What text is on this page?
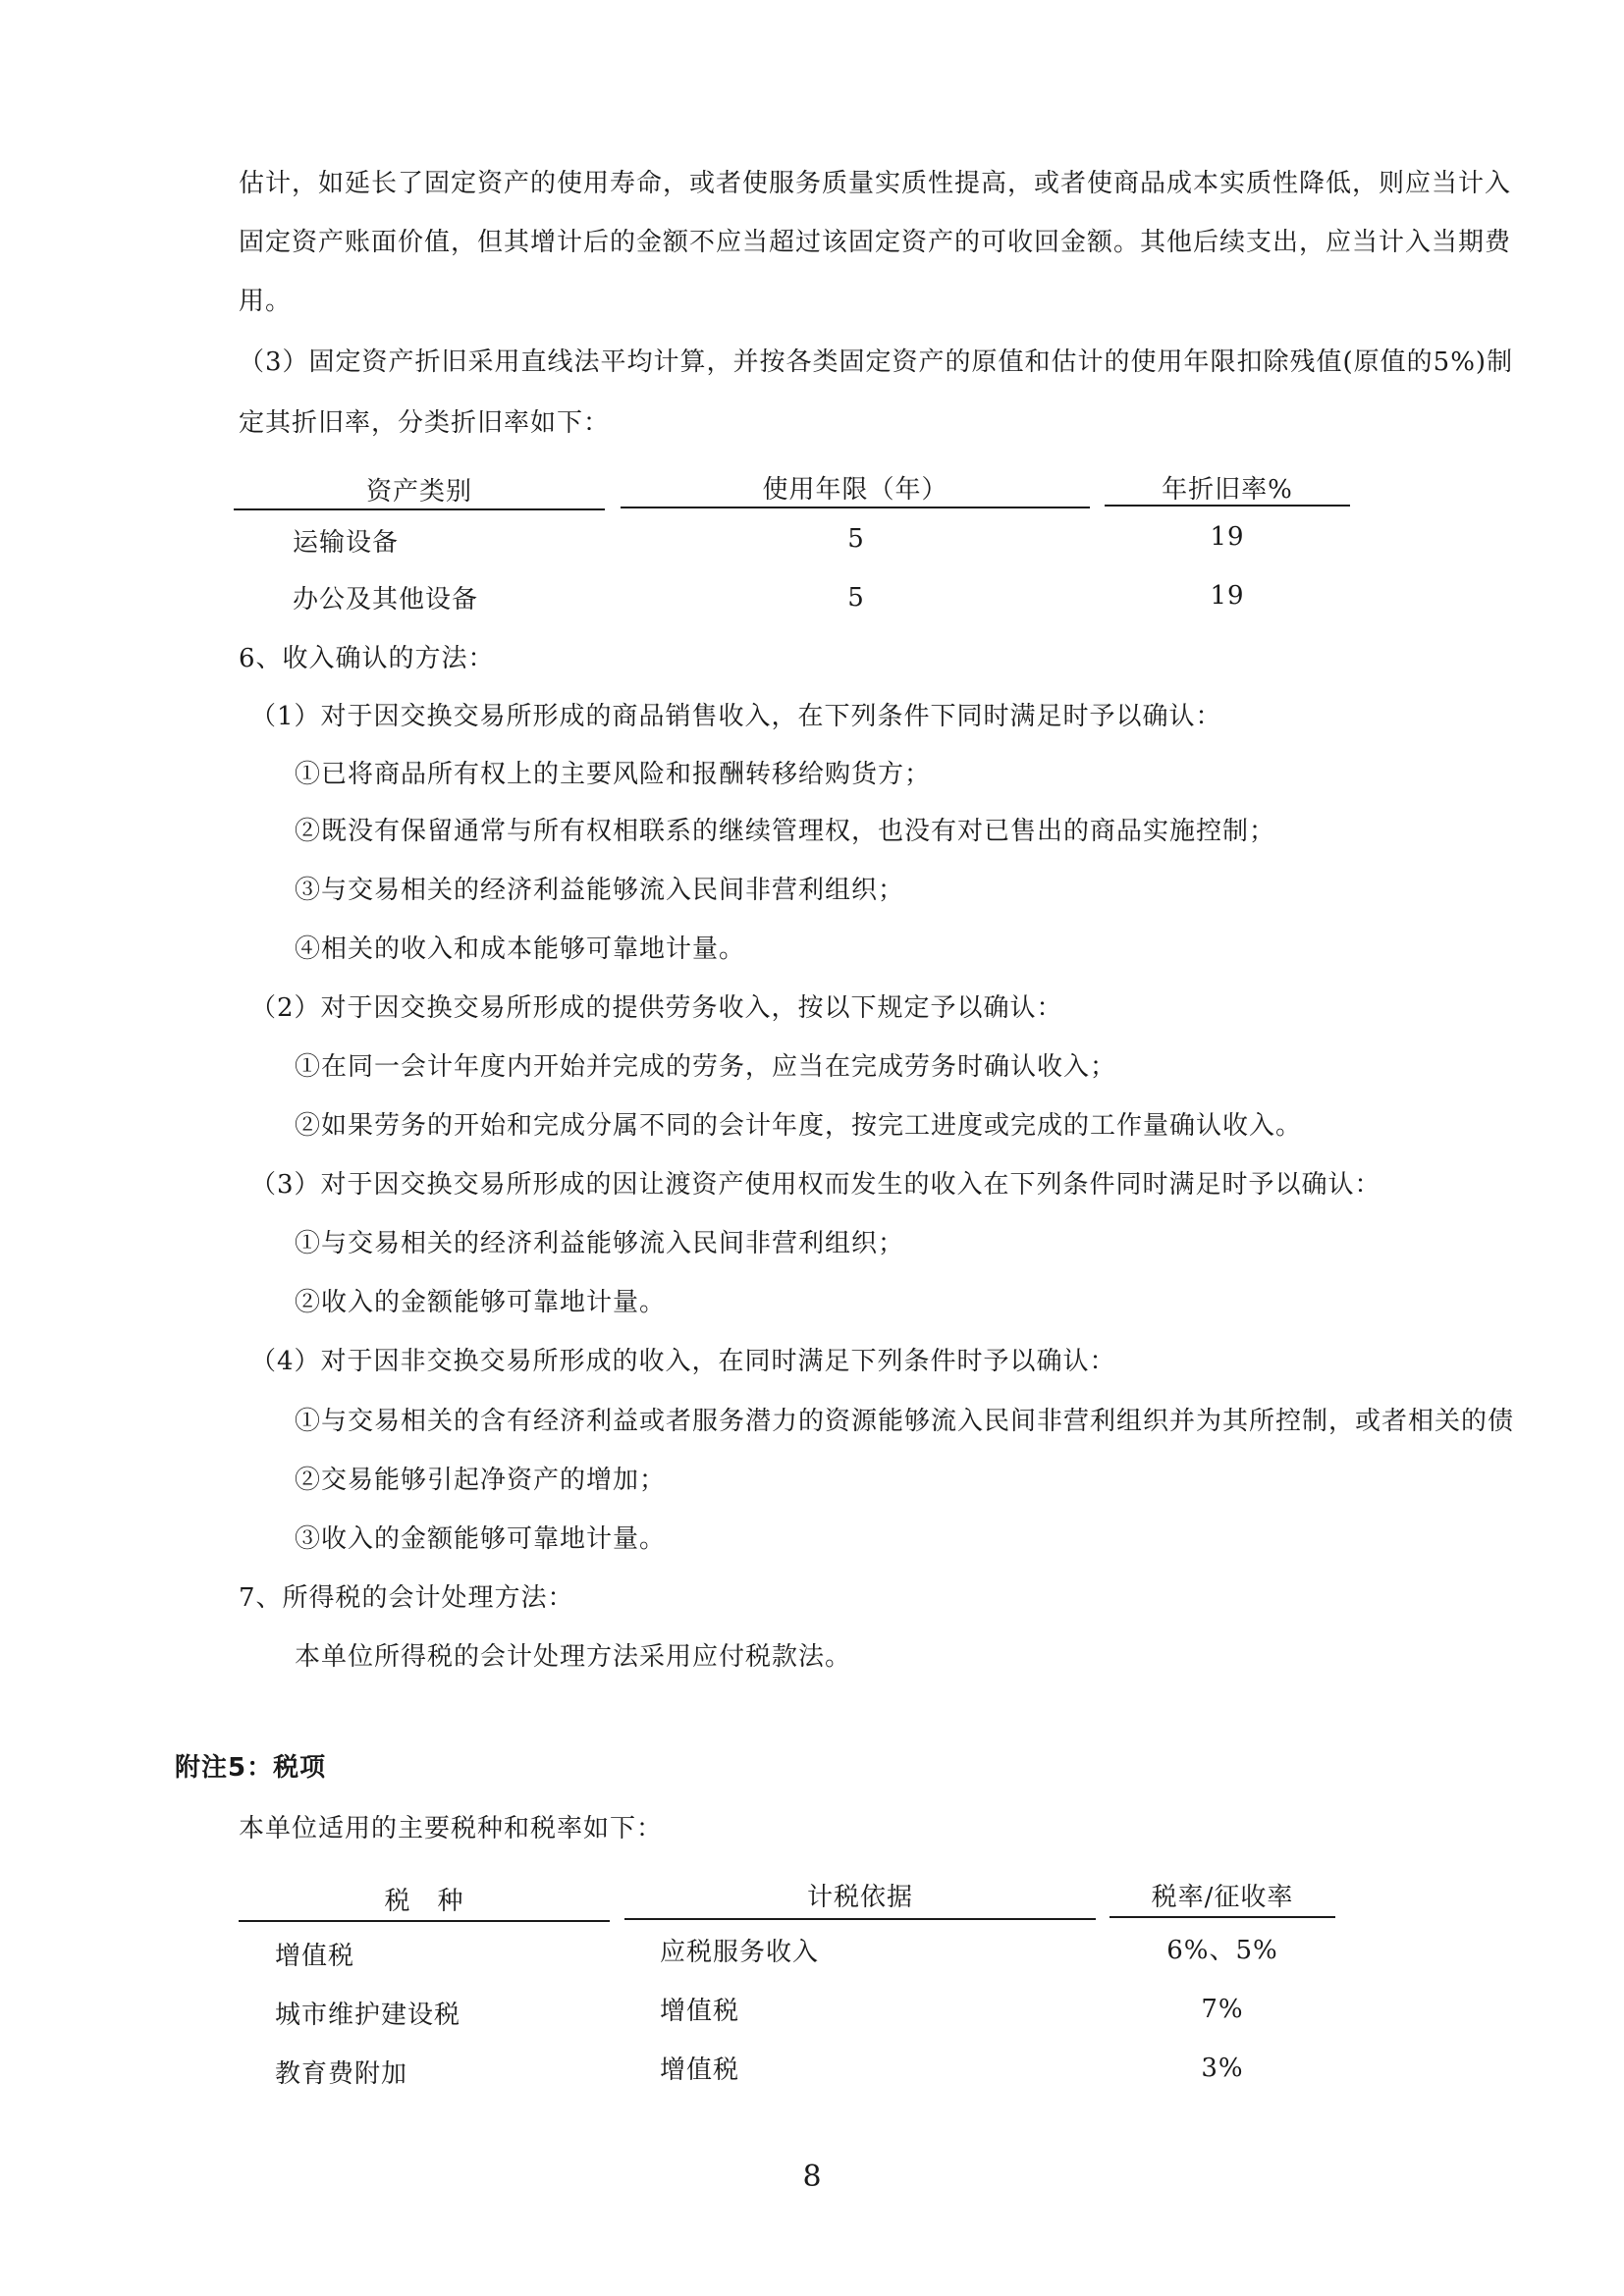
估计，如延长了固定资产的使用寿命，或者使服务质量实质性提高，或者使商品成本实质性降低，则应当计入
固定资产账面价值，但其增计后的金额不应当超过该固定资产的可收回金额。其他后续支出，应当计入当期费
用。
（3）固定资产折旧采用直线法平均计算，并按各类固定资产的原值和估计的使用年限扣除残值(原值的5%)制
定其折旧率，分类折旧率如下：
资产类别	使用年限（年）	年折旧率%
运输设备	5	19
办公及其他设备	5	19
6、收入确认的方法：
（1）对于因交换交易所形成的商品销售收入，在下列条件下同时满足时予以确认：
①已将商品所有权上的主要风险和报酬转移给购货方；
②既没有保留通常与所有权相联系的继续管理权，也没有对已售出的商品实施控制；
③与交易相关的经济利益能够流入民间非营利组织；
④相关的收入和成本能够可靠地计量。
（2）对于因交换交易所形成的提供劳务收入，按以下规定予以确认：
①在同一会计年度内开始并完成的劳务，应当在完成劳务时确认收入；
②如果劳务的开始和完成分属不同的会计年度，按完工进度或完成的工作量确认收入。
（3）对于因交换交易所形成的因让渡资产使用权而发生的收入在下列条件同时满足时予以确认：
①与交易相关的经济利益能够流入民间非营利组织；
②收入的金额能够可靠地计量。
（4）对于因非交换交易所形成的收入，在同时满足下列条件时予以确认：
①与交易相关的含有经济利益或者服务潜力的资源能够流入民间非营利组织并为其所控制，或者相关的债
②交易能够引起净资产的增加；
③收入的金额能够可靠地计量。
7、所得税的会计处理方法：
本单位所得税的会计处理方法采用应付税款法。
附注5：税项
本单位适用的主要税种和税率如下：
税　种	计税依据	税率/征收率
增值税	应税服务收入	6%、5%
城市维护建设税	增值税	7%
教育费附加	增值税	3%
8
